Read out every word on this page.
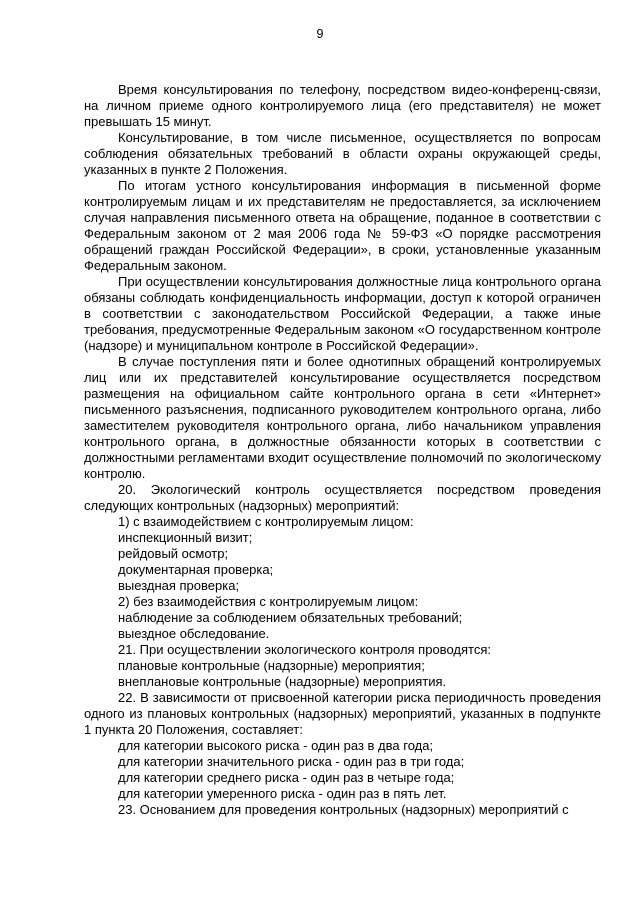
9

Время консультирования по телефону, посредством видео-конференц-связи, на личном приеме одного контролируемого лица (его представителя) не может превышать 15 минут.

Консультирование, в том числе письменное, осуществляется по вопросам соблюдения обязательных требований в области охраны окружающей среды, указанных в пункте 2 Положения.

По итогам устного консультирования информация в письменной форме контролируемым лицам и их представителям не предоставляется, за исключением случая направления письменного ответа на обращение, поданное в соответствии с Федеральным законом от 2 мая 2006 года № 59-ФЗ «О порядке рассмотрения обращений граждан Российской Федерации», в сроки, установленные указанным Федеральным законом.

При осуществлении консультирования должностные лица контрольного органа обязаны соблюдать конфиденциальность информации, доступ к которой ограничен в соответствии с законодательством Российской Федерации, а также иные требования, предусмотренные Федеральным законом «О государственном контроле (надзоре) и муниципальном контроле в Российской Федерации».

В случае поступления пяти и более однотипных обращений контролируемых лиц или их представителей консультирование осуществляется посредством размещения на официальном сайте контрольного органа в сети «Интернет» письменного разъяснения, подписанного руководителем контрольного органа, либо заместителем руководителя контрольного органа, либо начальником управления контрольного органа, в должностные обязанности которых в соответствии с должностными регламентами входит осуществление полномочий по экологическому контролю.

20. Экологический контроль осуществляется посредством проведения следующих контрольных (надзорных) мероприятий:

1) с взаимодействием с контролируемым лицом:

инспекционный визит;

рейдовый осмотр;

документарная проверка;

выездная проверка;

2) без взаимодействия с контролируемым лицом:

наблюдение за соблюдением обязательных требований;

выездное обследование.

21. При осуществлении экологического контроля проводятся:

плановые контрольные (надзорные) мероприятия;

внеплановые контрольные (надзорные) мероприятия.

22. В зависимости от присвоенной категории риска периодичность проведения одного из плановых контрольных (надзорных) мероприятий, указанных в подпункте 1 пункта 20 Положения, составляет:

для категории высокого риска - один раз в два года;

для категории значительного риска - один раз в три года;

для категории среднего риска - один раз в четыре года;

для категории умеренного риска - один раз в пять лет.

23. Основанием для проведения контрольных (надзорных) мероприятий с
